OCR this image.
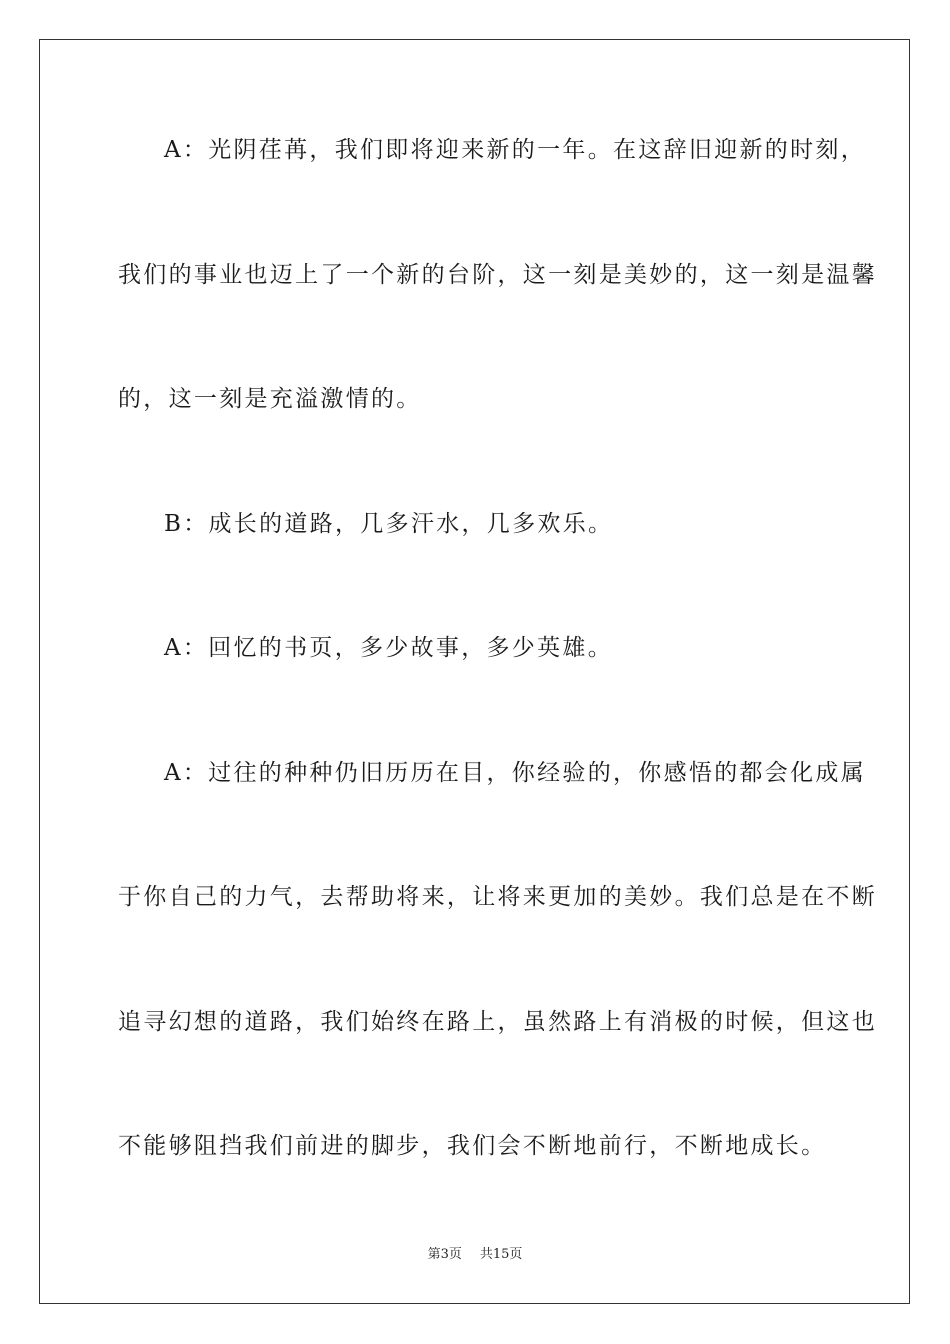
A：光阴荏苒，我们即将迎来新的一年。在这辞旧迎新的时刻，
我们的事业也迈上了一个新的台阶，这一刻是美妙的，这一刻是温馨
的，这一刻是充溢激情的。
B：成长的道路，几多汗水，几多欢乐。
A：回忆的书页，多少故事，多少英雄。
A：过往的种种仍旧历历在目，你经验的，你感悟的都会化成属
于你自己的力气，去帮助将来，让将来更加的美妙。我们总是在不断
追寻幻想的道路，我们始终在路上，虽然路上有消极的时候，但这也
不能够阻挡我们前进的脚步，我们会不断地前行，不断地成长。
第3页 共15页
